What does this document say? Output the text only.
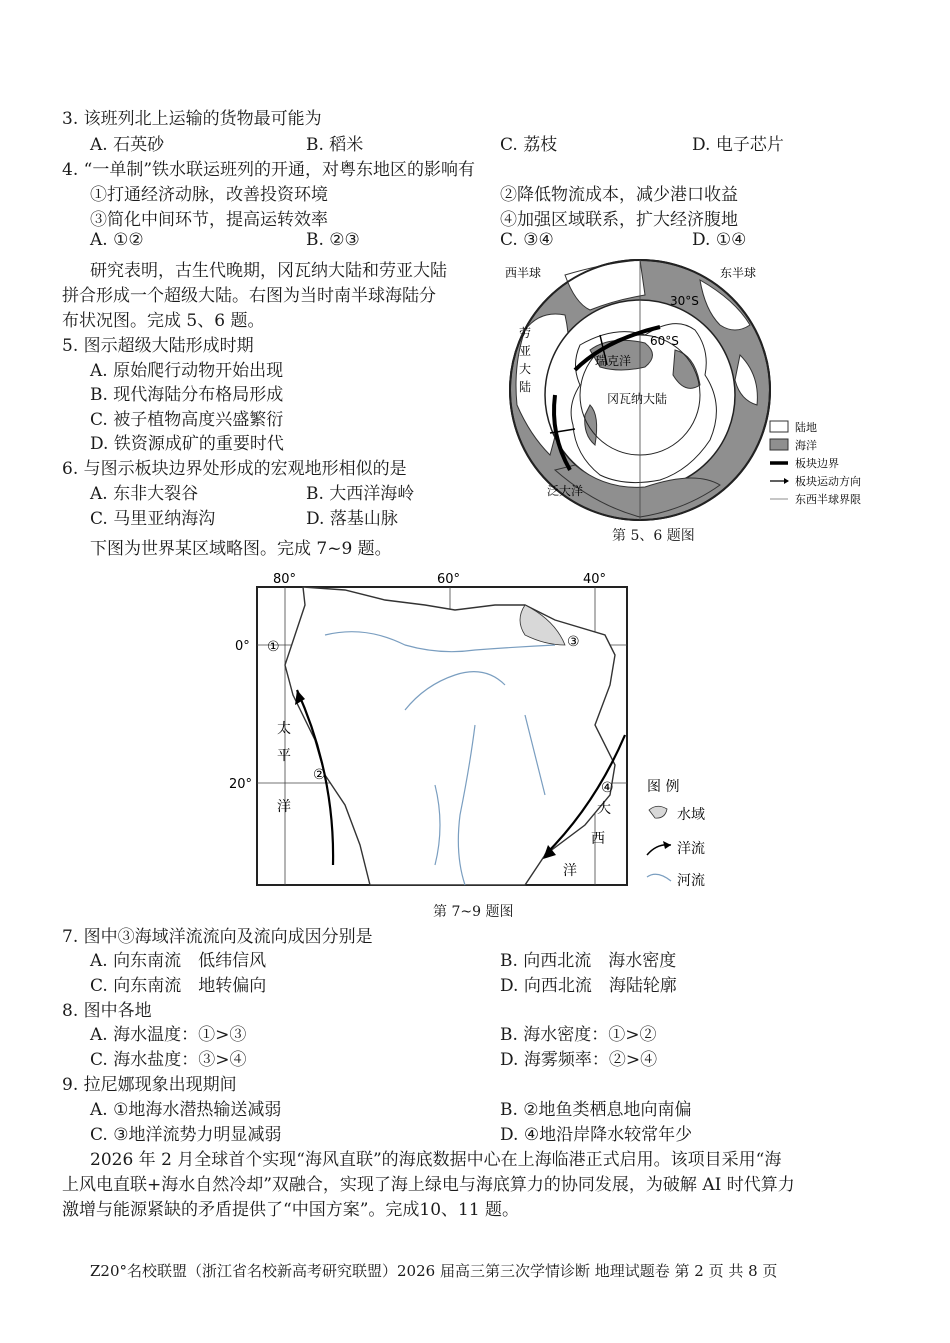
3. 该班列北上运输的货物最可能为
A. 石英砂	B. 稻米	C. 荔枝	D. 电子芯片
4. “一单制”铁水联运班列的开通，对粤东地区的影响有
①打通经济动脉，改善投资环境	②降低物流成本，减少港口收益
③简化中间环节，提高运转效率	④加强区域联系，扩大经济腹地
A. ①②	B. ②③	C. ③④	D. ①④
研究表明，古生代晚期，冈瓦纳大陆和劳亚大陆
拼合形成一个超级大陆。右图为当时南半球海陆分
布状况图。完成 5、6 题。
5. 图示超级大陆形成时期
A. 原始爬行动物开始出现
B. 现代海陆分布格局形成
C. 被子植物高度兴盛繁衍
D. 铁资源成矿的重要时代
6. 与图示板块边界处形成的宏观地形相似的是
A. 东非大裂谷	B. 大西洋海岭
C. 马里亚纳海沟	D. 落基山脉
下图为世界某区域略图。完成 7~9 题。
西半球	东半球
30°S
60°S
劳
亚
大
陆
瑞克洋
冈瓦纳大陆
泛大洋
陆地
海洋
板块边界
板块运动方向
东西半球界限
第 5、6 题图
①
②
③
④
80°	60°	40°
0°
20°
太
平
洋	大
西
洋
图 例
水域
洋流
河流
第 7~9 题图
7. 图中③海域洋流流向及流向成因分别是
A. 向东南流　低纬信风	B. 向西北流　海水密度
C. 向东南流　地转偏向	D. 向西北流　海陆轮廓
8. 图中各地
A. 海水温度：①>③	B. 海水密度：①>②
C. 海水盐度：③>④	D. 海雾频率：②>④
9. 拉尼娜现象出现期间
A. ①地海水潜热输送减弱	B. ②地鱼类栖息地向南偏
C. ③地洋流势力明显减弱	D. ④地沿岸降水较常年少
2026 年 2 月全球首个实现“海风直联”的海底数据中心在上海临港正式启用。该项目采用“海
上风电直联+海水自然冷却”双融合，实现了海上绿电与海底算力的协同发展，为破解 AI 时代算力
激增与能源紧缺的矛盾提供了“中国方案”。完成10、11 题。
Z20°名校联盟（浙江省名校新高考研究联盟）2026 届高三第三次学情诊断 地理试题卷 第 2 页 共 8 页
